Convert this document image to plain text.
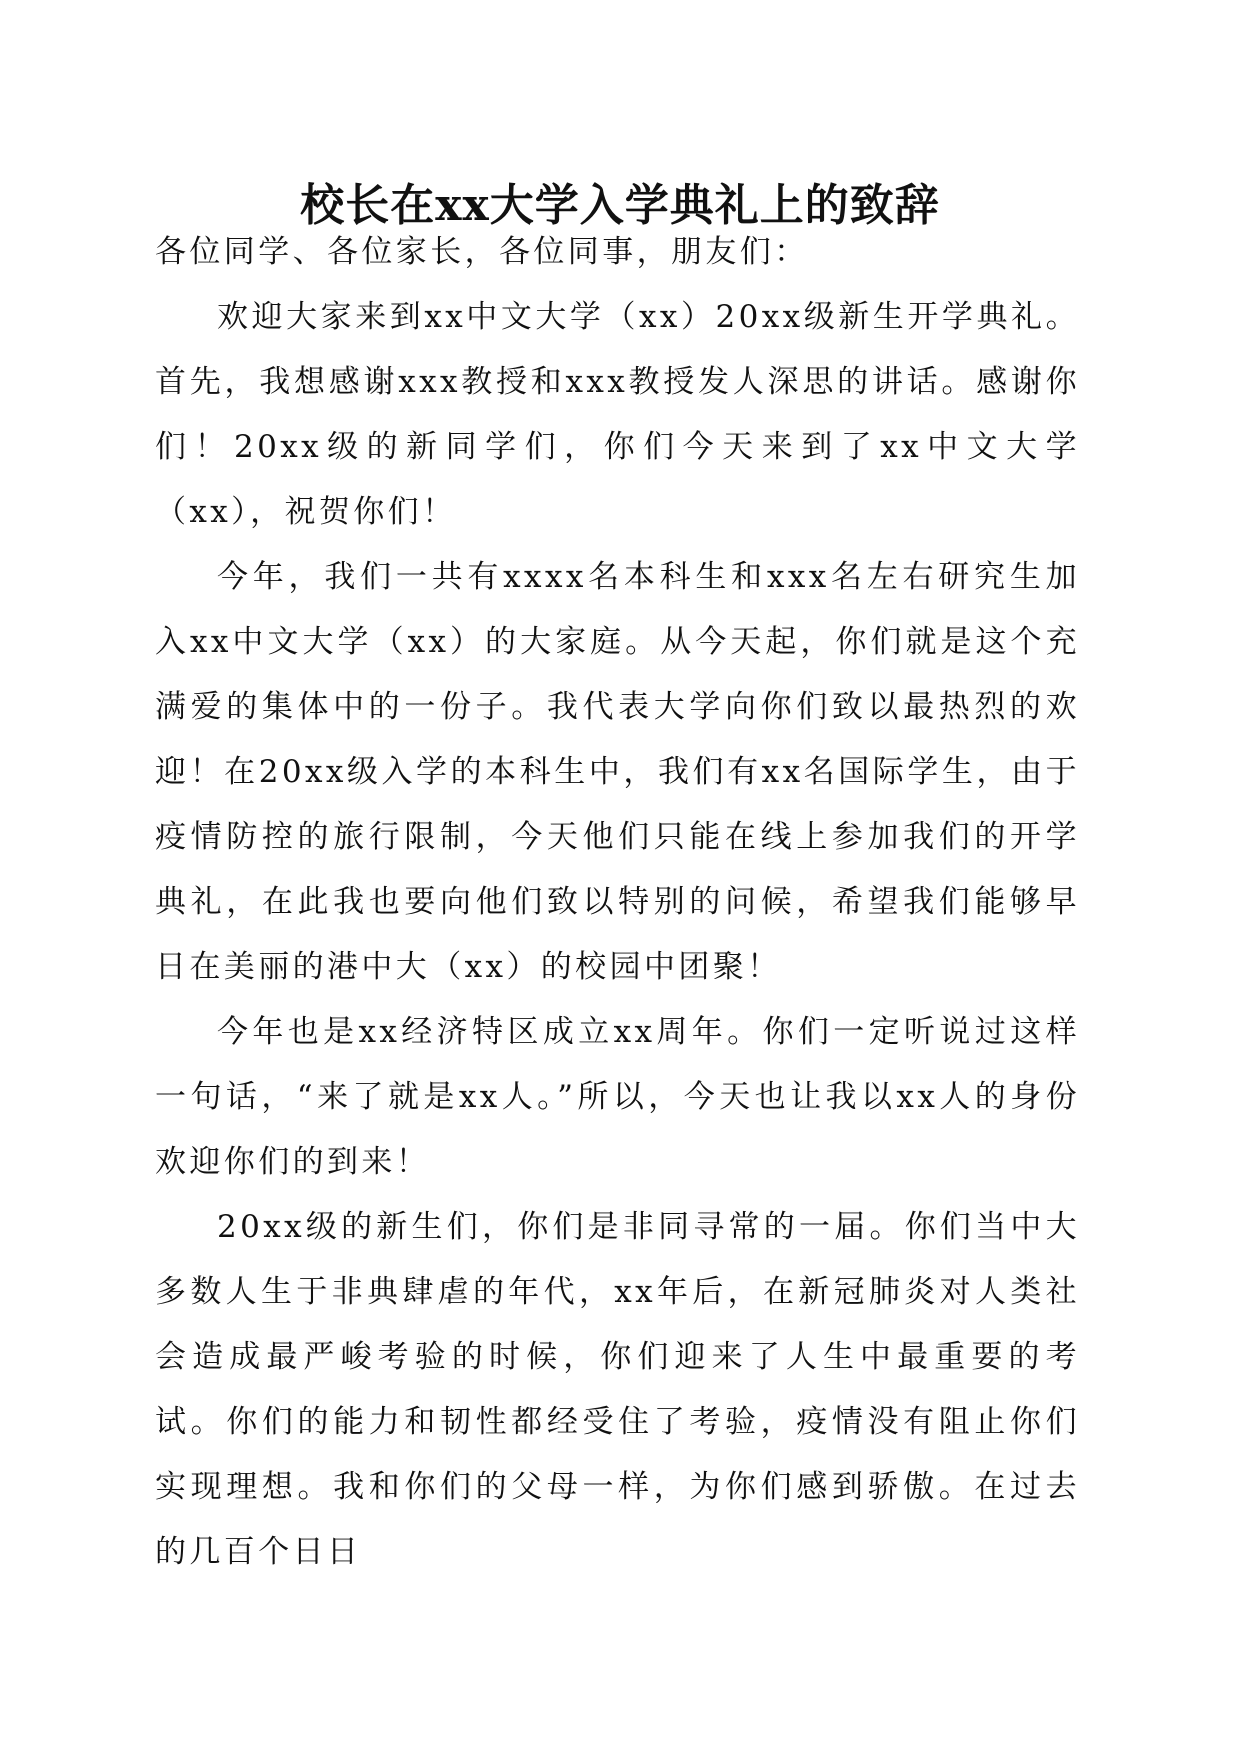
校长在xx大学入学典礼上的致辞

各位同学、各位家长，各位同事，朋友们：

欢迎大家来到xx中文大学（xx）20xx级新生开学典礼。首先，我想感谢xxx教授和xxx教授发人深思的讲话。感谢你们！20xx级的新同学们，你们今天来到了xx中文大学（xx），祝贺你们！

今年，我们一共有xxxx名本科生和xxx名左右研究生加入xx中文大学（xx）的大家庭。从今天起，你们就是这个充满爱的集体中的一份子。我代表大学向你们致以最热烈的欢迎！在20xx级入学的本科生中，我们有xx名国际学生，由于疫情防控的旅行限制，今天他们只能在线上参加我们的开学典礼，在此我也要向他们致以特别的问候，希望我们能够早日在美丽的港中大（xx）的校园中团聚！

今年也是xx经济特区成立xx周年。你们一定听说过这样一句话，“来了就是xx人。”所以，今天也让我以xx人的身份欢迎你们的到来！

20xx级的新生们，你们是非同寻常的一届。你们当中大多数人生于非典肆虐的年代，xx年后，在新冠肺炎对人类社会造成最严峻考验的时候，你们迎来了人生中最重要的考试。你们的能力和韧性都经受住了考验，疫情没有阻止你们实现理想。我和你们的父母一样，为你们感到骄傲。在过去的几百个日日
